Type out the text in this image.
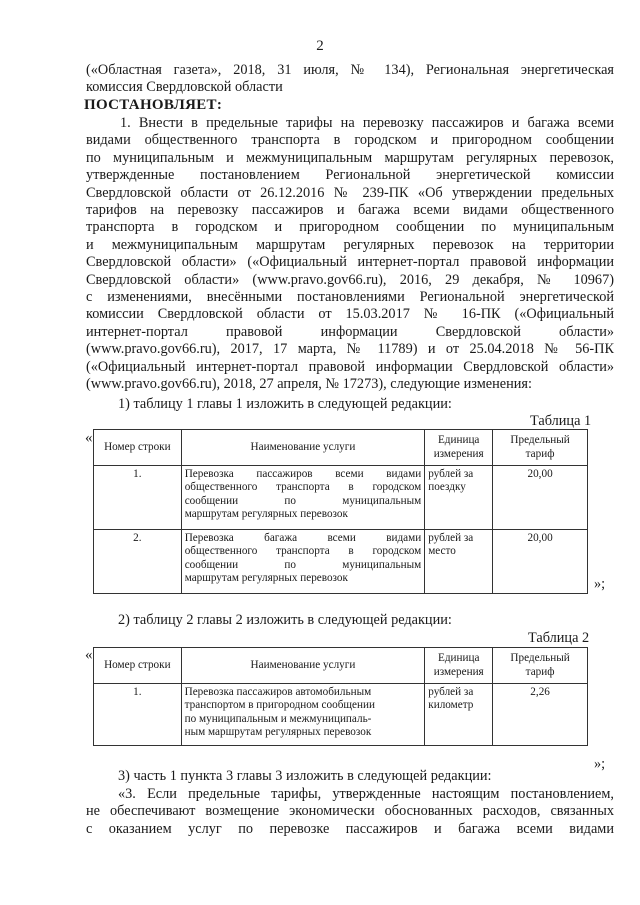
2
(«Областная газета», 2018, 31 июля, № 134), Региональная энергетическая
комиссия Свердловской области
ПОСТАНОВЛЯЕТ:
1. Внести в предельные тарифы на перевозку пассажиров и багажа всеми
видами общественного транспорта в городском и пригородном сообщении
по муниципальным и межмуниципальным маршрутам регулярных перевозок,
утвержденные постановлением Региональной энергетической комиссии
Свердловской области от 26.12.2016 № 239-ПК «Об утверждении предельных
тарифов на перевозку пассажиров и багажа всеми видами общественного
транспорта в городском и пригородном сообщении по муниципальным
и межмуниципальным маршрутам регулярных перевозок на территории
Свердловской области» («Официальный интернет-портал правовой информации
Свердловской области» (www.pravo.gov66.ru), 2016, 29 декабря, № 10967)
с изменениями, внесёнными постановлениями Региональной энергетической
комиссии Свердловской области от 15.03.2017 № 16-ПК («Официальный
интернет-портал правовой информации Свердловской области»
(www.pravo.gov66.ru), 2017, 17 марта, № 11789) и от 25.04.2018 № 56-ПК
(«Официальный интернет-портал правовой информации Свердловской области»
(www.pravo.gov66.ru), 2018, 27 апреля, № 17273), следующие изменения:
1) таблицу 1 главы 1 изложить в следующей редакции:
Таблица 1
«
Номер строки	Наименование услуги	Единица
измерения	Предельный
тариф

1.	Перевозка пассажиров всеми видами
общественного транспорта в городском
сообщении по муниципальным
маршрутам регулярных перевозок	рублей за
поездку	20,00
2.	Перевозка багажа всеми видами
общественного транспорта в городском
сообщении по муниципальным
маршрутам регулярных перевозок	рублей за
место	20,00
»;
2) таблицу 2 главы 2 изложить в следующей редакции:
Таблица 2
«
Номер строки	Наименование услуги	Единица
измерения	Предельный
тариф

1.	Перевозка пассажиров автомобильным
транспортом в пригородном сообщении
по муниципальным и межмуниципаль-
ным маршрутам регулярных перевозок	рублей за
километр	2,26
»;
3) часть 1 пункта 3 главы 3 изложить в следующей редакции:
«3. Если предельные тарифы, утвержденные настоящим постановлением,
не обеспечивают возмещение экономически обоснованных расходов, связанных
с оказанием услуг по перевозке пассажиров и багажа всеми видами
